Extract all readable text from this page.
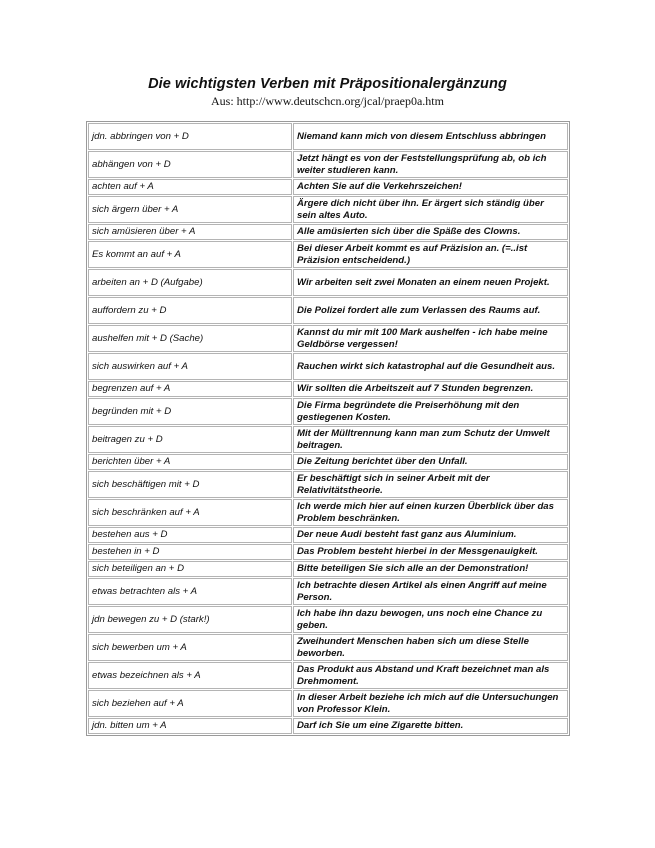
Die wichtigsten Verben mit Präpositionalergänzung
Aus: http://www.deutschcn.org/jcal/praep0a.htm
jdn. abbringen von + D	Niemand kann mich von diesem Entschluss abbringen
abhängen von + D	Jetzt hängt es von der Feststellungsprüfung ab, ob ich weiter studieren kann.
achten auf + A	Achten Sie auf die Verkehrszeichen!
sich ärgern über + A	Ärgere dich nicht über ihn. Er ärgert sich ständig über sein altes Auto.
sich amüsieren über + A	Alle amüsierten sich über die Späße des Clowns.
Es kommt an auf + A	Bei dieser Arbeit kommt es auf Präzision an. (=..ist Präzision entscheidend.)
arbeiten an + D (Aufgabe)	Wir arbeiten seit zwei Monaten an einem neuen Projekt.
auffordern zu + D	Die Polizei fordert alle zum Verlassen des Raums auf.
aushelfen mit + D (Sache)	Kannst du mir mit 100 Mark aushelfen - ich habe meine Geldbörse vergessen!
sich auswirken auf + A	Rauchen wirkt sich katastrophal auf die Gesundheit aus.
begrenzen auf + A	Wir sollten die Arbeitszeit auf 7 Stunden begrenzen.
begründen mit + D	Die Firma begründete die Preiserhöhung mit den gestiegenen Kosten.
beitragen zu + D	Mit der Mülltrennung kann man zum Schutz der Umwelt beitragen.
berichten über + A	Die Zeitung berichtet über den Unfall.
sich beschäftigen mit + D	Er beschäftigt sich in seiner Arbeit mit der Relativitätstheorie.
sich beschränken auf + A	Ich werde mich hier auf einen kurzen Überblick über das Problem beschränken.
bestehen aus + D	Der neue Audi besteht fast ganz aus Aluminium.
bestehen in + D	Das Problem besteht hierbei in der Messgenauigkeit.
sich beteiligen an + D	Bitte beteiligen Sie sich alle an der Demonstration!
etwas betrachten als + A	Ich betrachte diesen Artikel als einen Angriff auf meine Person.
jdn bewegen zu + D (stark!)	Ich habe ihn dazu bewogen, uns noch eine Chance zu geben.
sich bewerben um + A	Zweihundert Menschen haben sich um diese Stelle beworben.
etwas bezeichnen als + A	Das Produkt aus Abstand und Kraft bezeichnet man als Drehmoment.
sich beziehen auf + A	In dieser Arbeit beziehe ich mich auf die Untersuchungen von Professor Klein.
jdn. bitten um + A	Darf ich Sie um eine Zigarette bitten.
